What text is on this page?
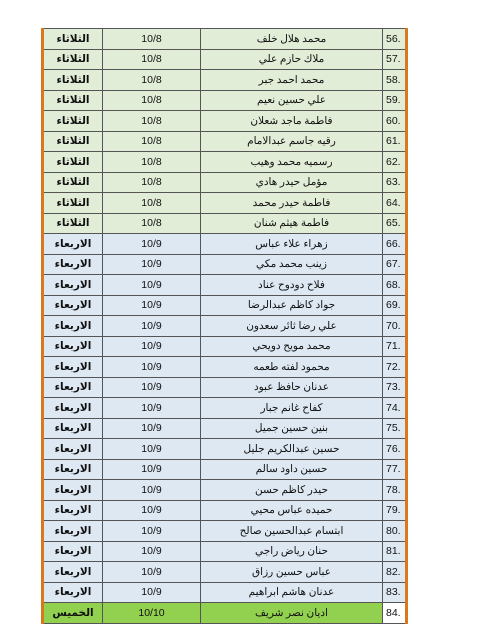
الثلاثاء	10/8	محمد هلال خلف	56.
الثلاثاء	10/8	ملاك حازم علي	57.
الثلاثاء	10/8	محمد احمد جبر	58.
الثلاثاء	10/8	علي حسين نعيم	59.
الثلاثاء	10/8	فاطمة ماجد شعلان	60.
الثلاثاء	10/8	رقيه جاسم عبدالامام	61.
الثلاثاء	10/8	رسميه محمد وهيب	62.
الثلاثاء	10/8	مؤمل حيدر هادي	63.
الثلاثاء	10/8	فاطمة حيدر محمد	64.
الثلاثاء	10/8	فاطمة هيثم شنان	65.
الاربعاء	10/9	زهراء علاء عباس	66.
الاربعاء	10/9	زينب محمد مكي	67.
الاربعاء	10/9	فلاح دودوح عناد	68.
الاربعاء	10/9	جواد كاظم عبدالرضا	69.
الاربعاء	10/9	علي رضا ثائر سعدون	70.
الاربعاء	10/9	محمد مويح دويحي	71.
الاربعاء	10/9	محمود لفته طعمه	72.
الاربعاء	10/9	عدنان حافظ عبود	73.
الاربعاء	10/9	كفاح غانم جبار	74.
الاربعاء	10/9	بنين حسين جميل	75.
الاربعاء	10/9	حسين عبدالكريم جليل	76.
الاربعاء	10/9	حسين داود سالم	77.
الاربعاء	10/9	حيدر كاظم حسن	78.
الاربعاء	10/9	حميده عباس محيي	79.
الاربعاء	10/9	ابتسام عبدالحسين صالح	80.
الاربعاء	10/9	حنان رياض راجي	81.
الاربعاء	10/9	عباس حسين رزاق	82.
الاربعاء	10/9	عدنان هاشم ابراهيم	83.
الخميس	10/10	اديان نصر شريف	84.
